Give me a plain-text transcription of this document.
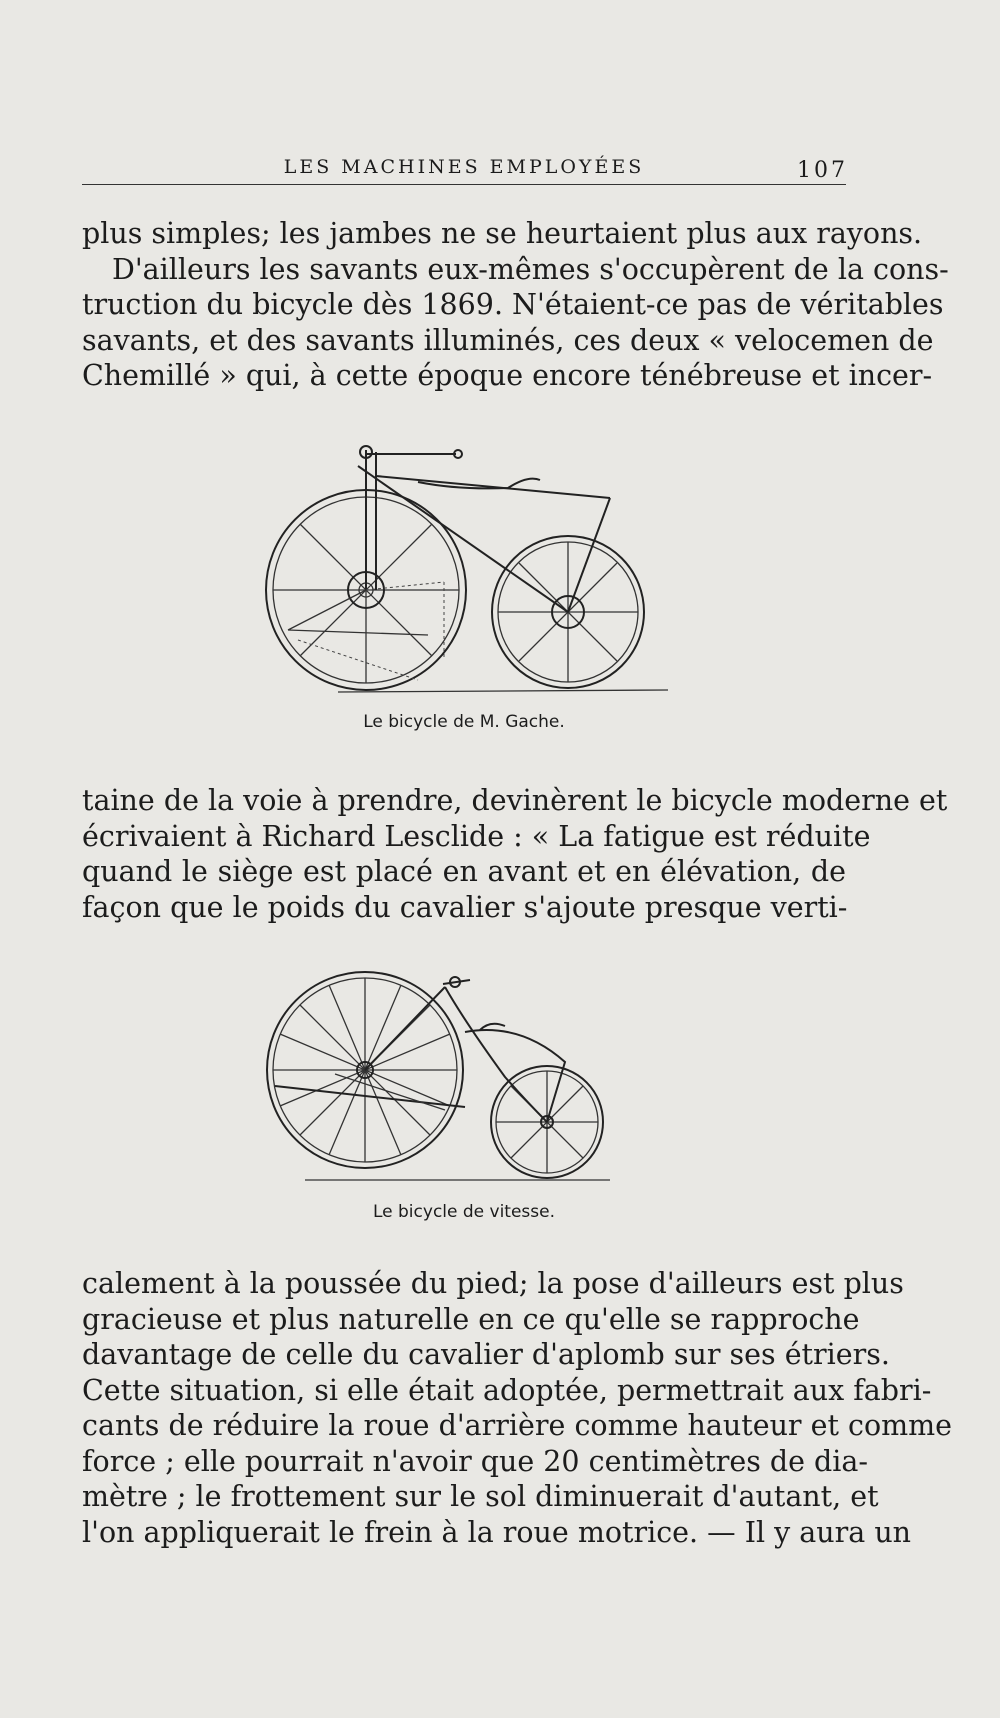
LES MACHINES EMPLOYÉES	107

plus simples; les jambes ne se heurtaient plus aux rayons.
D'ailleurs les savants eux-mêmes s'occupèrent de la cons-
truction du bicycle dès 1869. N'étaient-ce pas de véritables
savants, et des savants illuminés, ces deux « velocemen de
Chemillé » qui, à cette époque encore ténébreuse et incer-

Le bicycle de M. Gache.

taine de la voie à prendre, devinèrent le bicycle moderne et
écrivaient à Richard Lesclide : « La fatigue est réduite
quand le siège est placé en avant et en élévation, de
façon que le poids du cavalier s'ajoute presque verti-

Le bicycle de vitesse.

calement à la poussée du pied; la pose d'ailleurs est plus
gracieuse et plus naturelle en ce qu'elle se rapproche
davantage de celle du cavalier d'aplomb sur ses étriers.
Cette situation, si elle était adoptée, permettrait aux fabri-
cants de réduire la roue d'arrière comme hauteur et comme
force ; elle pourrait n'avoir que 20 centimètres de dia-
mètre ; le frottement sur le sol diminuerait d'autant, et
l'on appliquerait le frein à la roue motrice. — Il y aura un
